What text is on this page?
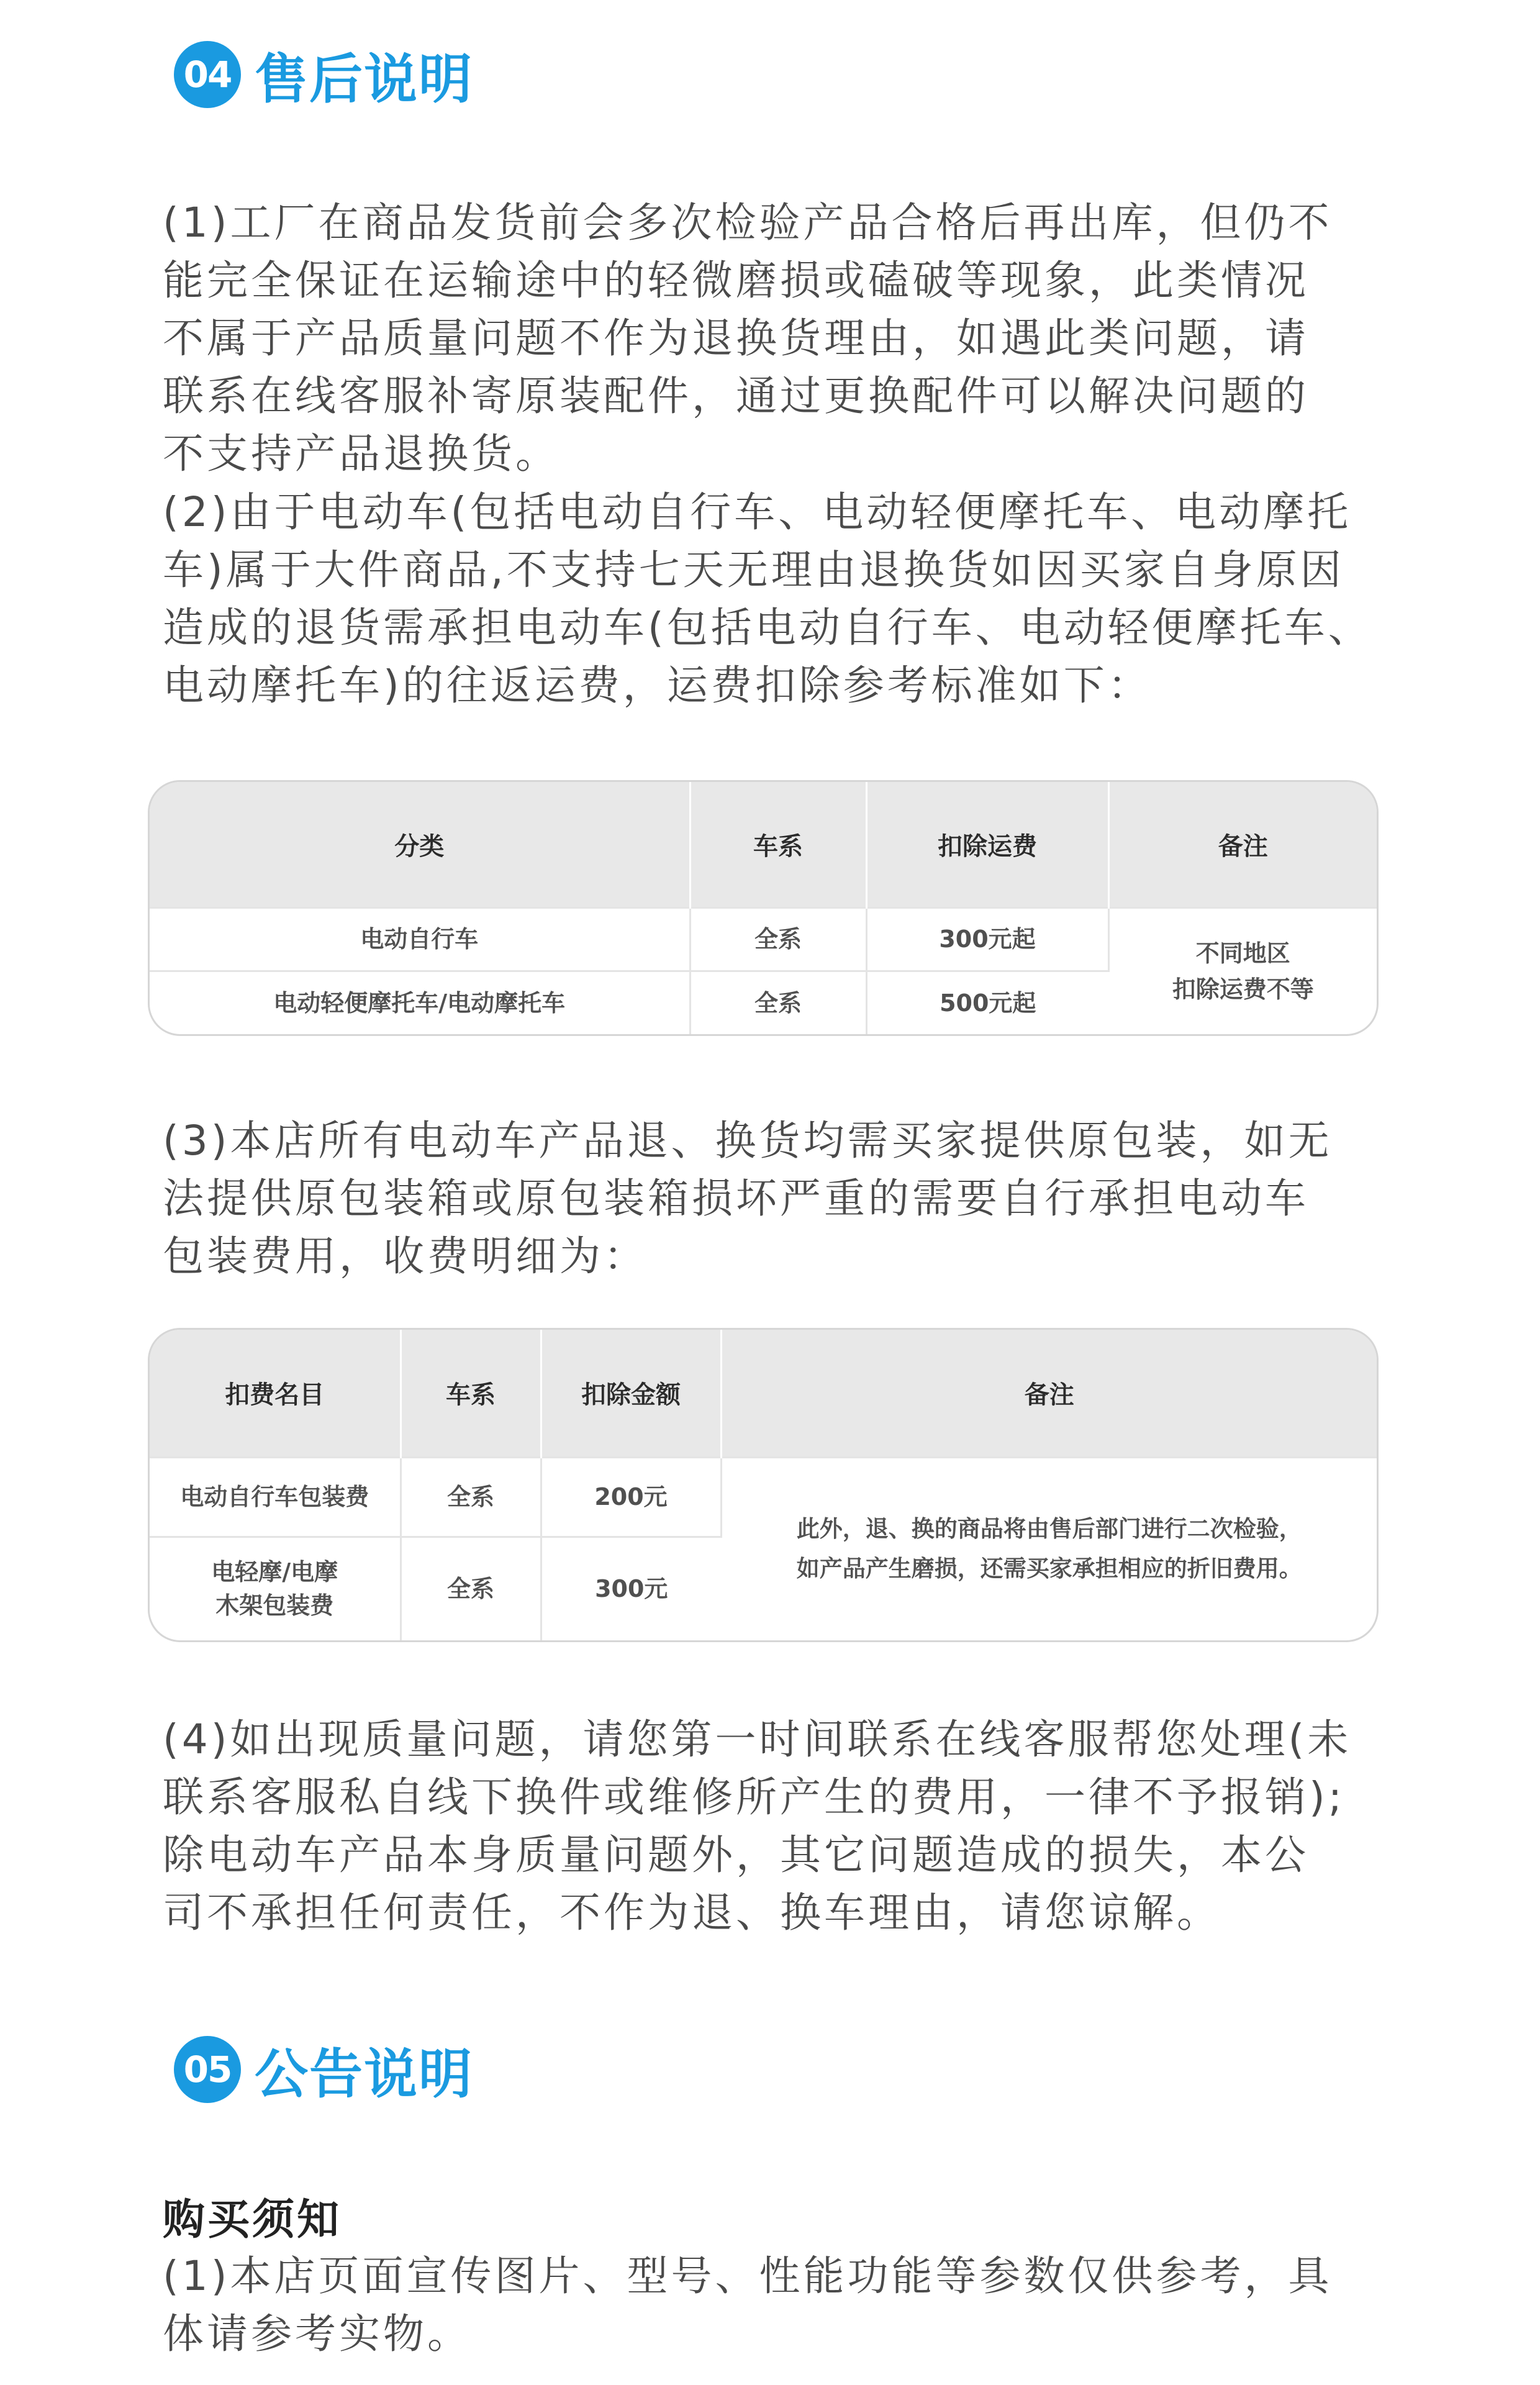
04 售后说明
(1)工厂在商品发货前会多次检验产品合格后再出库，但仍不
能完全保证在运输途中的轻微磨损或磕破等现象，此类情况
不属于产品质量问题不作为退换货理由，如遇此类问题，请
联系在线客服补寄原装配件，通过更换配件可以解决问题的
不支持产品退换货。
(2)由于电动车(包括电动自行车、电动轻便摩托车、电动摩托
车)属于大件商品,不支持七天无理由退换货如因买家自身原因
造成的退货需承担电动车(包括电动自行车、电动轻便摩托车、
电动摩托车)的往返运费，运费扣除参考标准如下：
分类	车系	扣除运费	备注
电动自行车	全系	300元起	不同地区
扣除运费不等

电动轻便摩托车/电动摩托车	全系	500元起	
(3)本店所有电动车产品退、换货均需买家提供原包装，如无
法提供原包装箱或原包装箱损坏严重的需要自行承担电动车
包装费用，收费明细为：
扣费名目	车系	扣除金额	备注

电动自行车包装费	全系	200元	此外，退、换的商品将由售后部门进行二次检验，
如产品产生磨损，还需买家承担相应的折旧费用。

电轻摩/电摩
木架包装费	全系	300元	
(4)如出现质量问题，请您第一时间联系在线客服帮您处理(未
联系客服私自线下换件或维修所产生的费用，一律不予报销);
除电动车产品本身质量问题外，其它问题造成的损失，本公
司不承担任何责任，不作为退、换车理由，请您谅解。
05 公告说明
购买须知
(1)本店页面宣传图片、型号、性能功能等参数仅供参考，具
体请参考实物。
